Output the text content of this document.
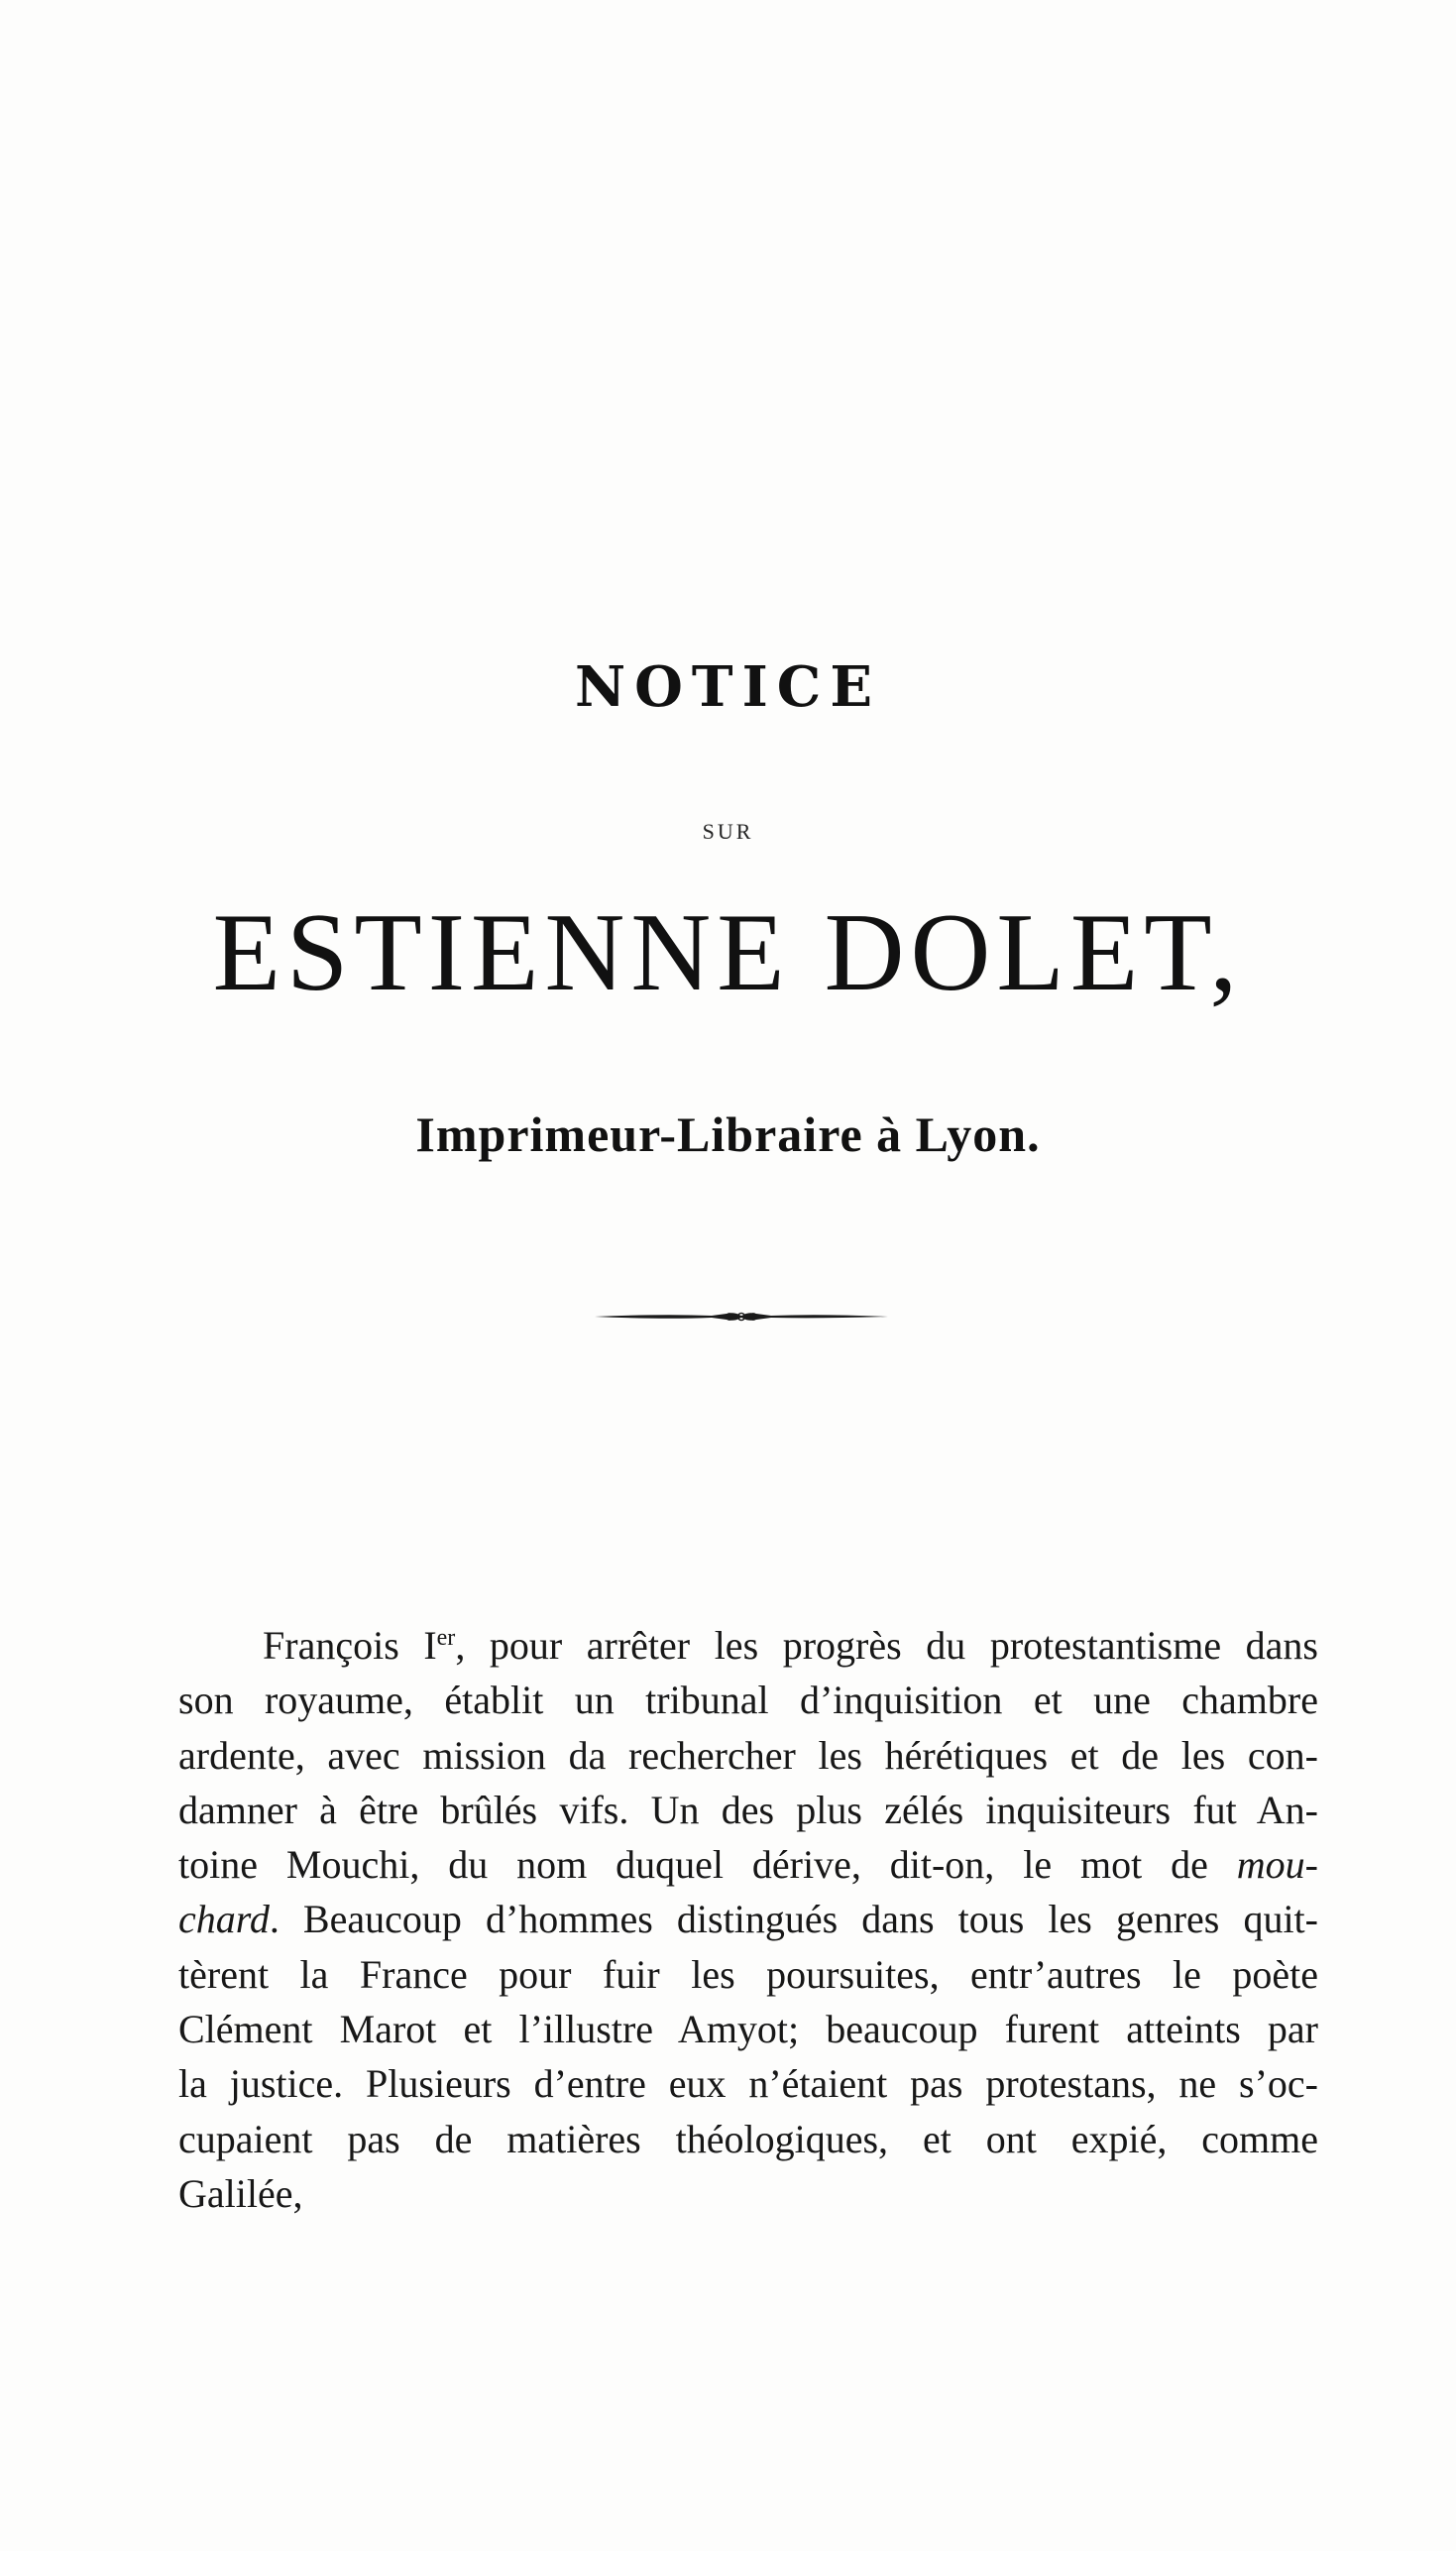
NOTICE
SUR
ESTIENNE DOLET,
Imprimeur-Libraire à Lyon.
François Ier, pour arrêter les progrès du protestantisme dans
son royaume, établit un tribunal d’inquisition et une chambre
ardente, avec mission da rechercher les hérétiques et de les con-
damner à être brûlés vifs. Un des plus zélés inquisiteurs fut An-
toine Mouchi, du nom duquel dérive, dit-on, le mot de mou-
chard. Beaucoup d’hommes distingués dans tous les genres quit-
tèrent la France pour fuir les poursuites, entr’autres le poète
Clément Marot et l’illustre Amyot; beaucoup furent atteints par
la justice. Plusieurs d’entre eux n’étaient pas protestans, ne s’oc-
cupaient pas de matières théologiques, et ont expié, comme
Galilée,
